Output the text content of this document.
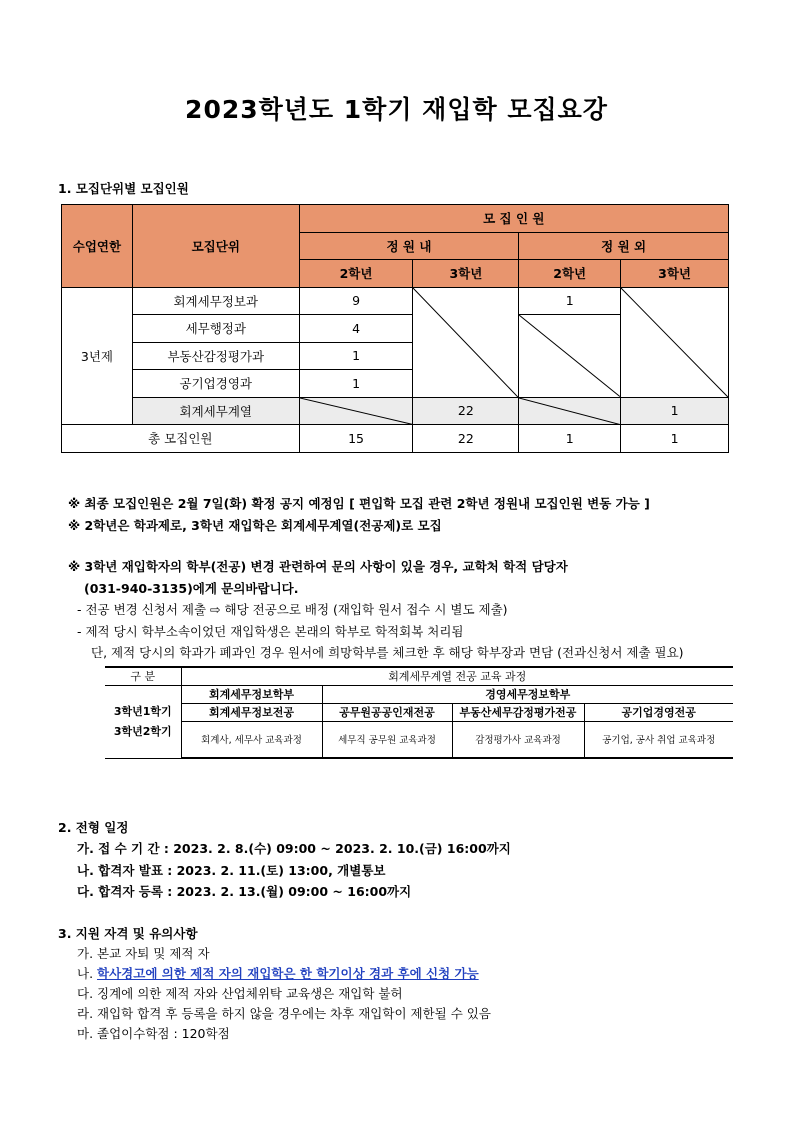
2023학년도 1학기 재입학 모집요강
1. 모집단위별 모집인원
수업연한	모집단위	모 집 인 원			
		정 원 내		정 원 외	
		2학년	3학년	2학년	3학년
3년제	회계세무정보과	9		1	

	세무행정과	4	

	부동산감정평가과	1			
	공기업경영과	1			
	회계세무계열		22		1
총 모집인원		15	22	1	1
※ 최종 모집인원은 2월 7일(화) 확정 공지 예정임 [ 편입학 모집 관련 2학년 정원내 모집인원 변동 가능 ]
※ 2학년은 학과제로, 3학년 재입학은 회계세무계열(전공제)로 모집
※ 3학년 재입학자의 학부(전공) 변경 관련하여 문의 사항이 있을 경우, 교학처 학적 담당자
(031-940-3135)에게 문의바랍니다.
- 전공 변경 신청서 제출 ⇨ 해당 전공으로 배정 (재입학 원서 접수 시 별도 제출)
- 제적 당시 학부소속이었던 재입학생은 본래의 학부로 학적회복 처리됨
단, 제적 당시의 학과가 폐과인 경우 원서에 희망학부를 체크한 후 해당 학부장과 면담 (전과신청서 제출 필요)
구 분	회계세무계열 전공 교육 과정			

3학년1학기
3학년2학기	회계세무정보학부	경영세무정보학부		
	회계세무정보전공	공무원공공인재전공	부동산세무감정평가전공	공기업경영전공
	회계사, 세무사 교육과정	세무직 공무원 교육과정	감정평가사 교육과정	공기업, 공사 취업 교육과정
2. 전형 일정
가. 접 수 기 간 : 2023. 2. 8.(수) 09:00 ~ 2023. 2. 10.(금) 16:00까지
나. 합격자 발표 : 2023. 2. 11.(토) 13:00, 개별통보
다. 합격자 등록 : 2023. 2. 13.(월) 09:00 ~ 16:00까지
3. 지원 자격 및 유의사항
가. 본교 자퇴 및 제적 자
나. 학사경고에 의한 제적 자의 재입학은 한 학기이상 경과 후에 신청 가능
다. 징계에 의한 제적 자와 산업체위탁 교육생은 재입학 불허
라. 재입학 합격 후 등록을 하지 않을 경우에는 차후 재입학이 제한될 수 있음
마. 졸업이수학점 : 120학점
